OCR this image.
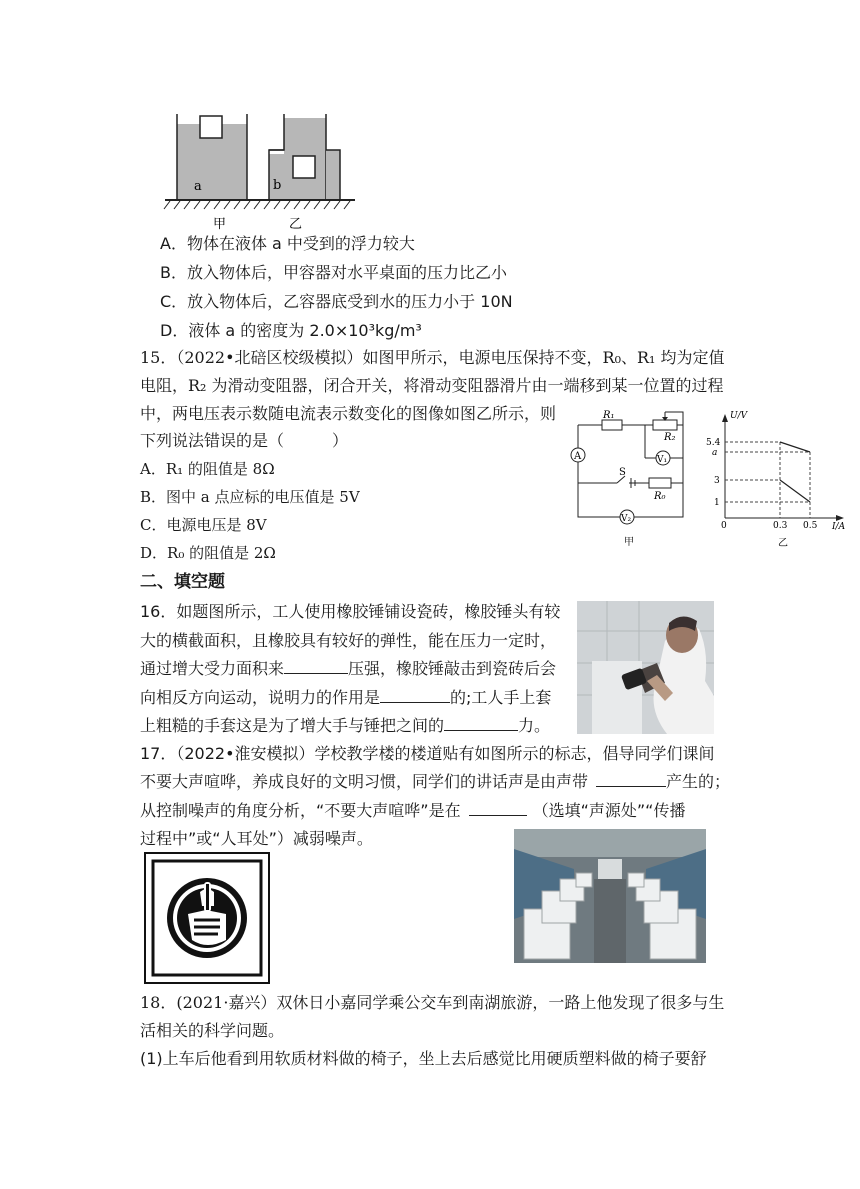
a	b
甲	乙
A．物体在液体 a 中受到的浮力较大
B．放入物体后，甲容器对水平桌面的压力比乙小
C．放入物体后，乙容器底受到水的压力小于 10N
D．液体 a 的密度为 2.0×10³kg/m³
15．（2022•北碚区校级模拟）如图甲所示，电源电压保持不变，R₀、R₁ 均为定值
电阻，R₂ 为滑动变阻器，闭合开关，将滑动变阻器滑片由一端移到某一位置的过程
中，两电压表示数随电流表示数变化的图像如图乙所示，则
下列说法错误的是（　　　）
A．R₁ 的阻值是 8Ω
B．图中 a 点应标的电压值是 5V
C．电源电压是 8V
D．R₀ 的阻值是 2Ω
A	V₁
V₂
R₁
R₂
S
R₀
甲
U/V
I/A
5.4
a
3
1
0	0.3 0.5
乙
二、填空题
16．如题图所示，工人使用橡胶锤铺设瓷砖，橡胶锤头有较
大的横截面积，且橡胶具有较好的弹性，能在压力一定时，
通过增大受力面积来	压强，橡胶锤敲击到瓷砖后会
向相反方向运动，说明力的作用是	的;工人手上套
上粗糙的手套这是为了增大手与锤把之间的	力。
17．（2022•淮安模拟）学校教学楼的楼道贴有如图所示的标志，倡导同学们课间
不要大声喧哗，养成良好的文明习惯，同学们的讲话声是由声带	产生的；
从控制噪声的角度分析，“不要大声喧哗”是在	（选填“声源处”“传播
过程中”或“人耳处”）减弱噪声。
18．(2021·嘉兴）双休日小嘉同学乘公交车到南湖旅游，一路上他发现了很多与生
活相关的科学问题。
(1)上车后他看到用软质材料做的椅子，坐上去后感觉比用硬质塑料做的椅子要舒
